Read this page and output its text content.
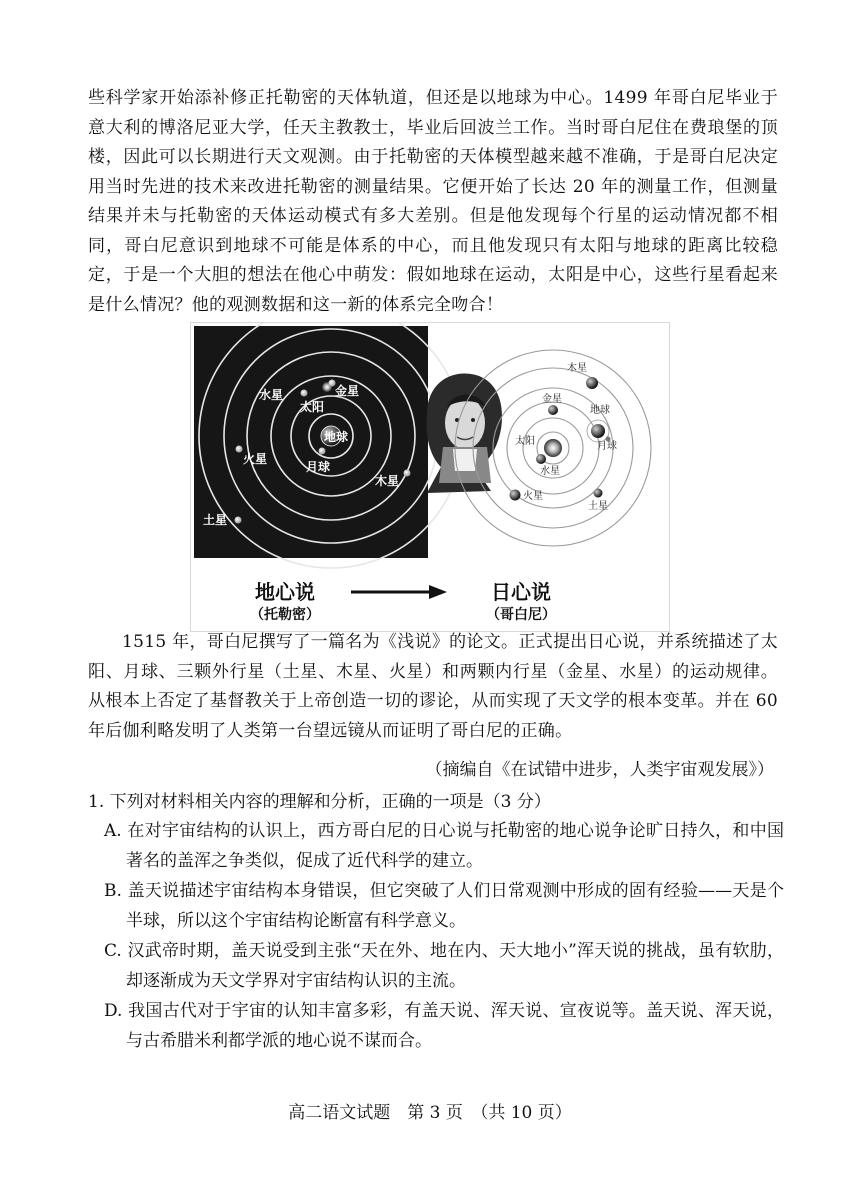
些科学家开始添补修正托勒密的天体轨道，但还是以地球为中心。1499 年哥白尼毕业于意大利的博洛尼亚大学，任天主教教士，毕业后回波兰工作。当时哥白尼住在费琅堡的顶楼，因此可以长期进行天文观测。由于托勒密的天体模型越来越不准确，于是哥白尼决定用当时先进的技术来改进托勒密的测量结果。它便开始了长达 20 年的测量工作，但测量结果并未与托勒密的天体运动模式有多大差别。但是他发现每个行星的运动情况都不相同，哥白尼意识到地球不可能是体系的中心，而且他发现只有太阳与地球的距离比较稳定，于是一个大胆的想法在他心中萌发：假如地球在运动，太阳是中心，这些行星看起来是什么情况？他的观测数据和这一新的体系完全吻合！

水星	金星
太阳
地球
月球
火星
木星
土星
木星
金星
地球
太阳	月球
水星
火星
土星
地心说
（托勒密）
日心说
（哥白尼）

1515 年，哥白尼撰写了一篇名为《浅说》的论文。正式提出日心说，并系统描述了太阳、月球、三颗外行星（土星、木星、火星）和两颗内行星（金星、水星）的运动规律。从根本上否定了基督教关于上帝创造一切的谬论，从而实现了天文学的根本变革。并在 60 年后伽利略发明了人类第一台望远镜从而证明了哥白尼的正确。

（摘编自《在试错中进步，人类宇宙观发展》）

1. 下列对材料相关内容的理解和分析，正确的一项是（3 分）

A. 在对宇宙结构的认识上，西方哥白尼的日心说与托勒密的地心说争论旷日持久，和中国著名的盖浑之争类似，促成了近代科学的建立。
B. 盖天说描述宇宙结构本身错误，但它突破了人们日常观测中形成的固有经验——天是个半球，所以这个宇宙结构论断富有科学意义。
C. 汉武帝时期，盖天说受到主张“天在外、地在内、天大地小”浑天说的挑战，虽有软肋，却逐渐成为天文学界对宇宙结构认识的主流。
D. 我国古代对于宇宙的认知丰富多彩，有盖天说、浑天说、宣夜说等。盖天说、浑天说，与古希腊米利都学派的地心说不谋而合。
高二语文试题　第 3 页　（共 10 页）
